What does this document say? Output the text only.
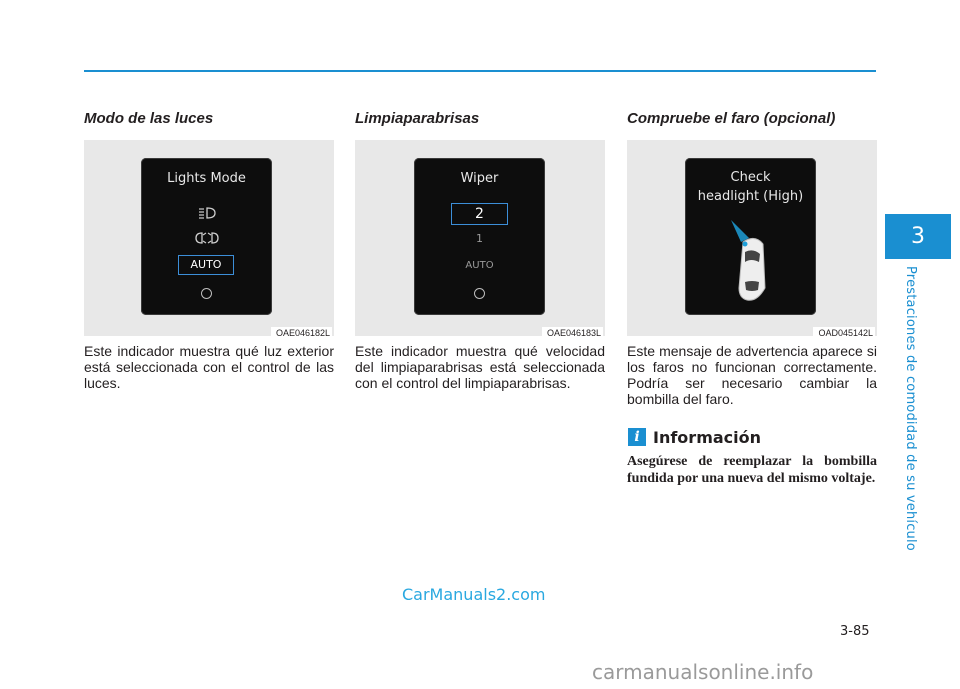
Modo de las luces
Lights Mode
AUTO
OAE046182L
Este indicador muestra qué luz exterior está seleccionada con el control de las luces.
Limpiaparabrisas
Wiper
2
1
AUTO
OAE046183L
Este indicador muestra qué velocidad del limpiaparabrisas está seleccionada con el control del limpiaparabrisas.
Compruebe el faro (opcional)
Check
headlight (High)
OAD045142L
Este mensaje de advertencia aparece si los faros no funcionan correctamente. Podría ser necesario cambiar la bombilla del faro.
i Información
Asegúrese de reemplazar la bombilla fundida por una nueva del mismo voltaje.
3
Prestaciones de comodidad de su vehículo
CarManuals2.com
3-85
carmanualsonline.info
